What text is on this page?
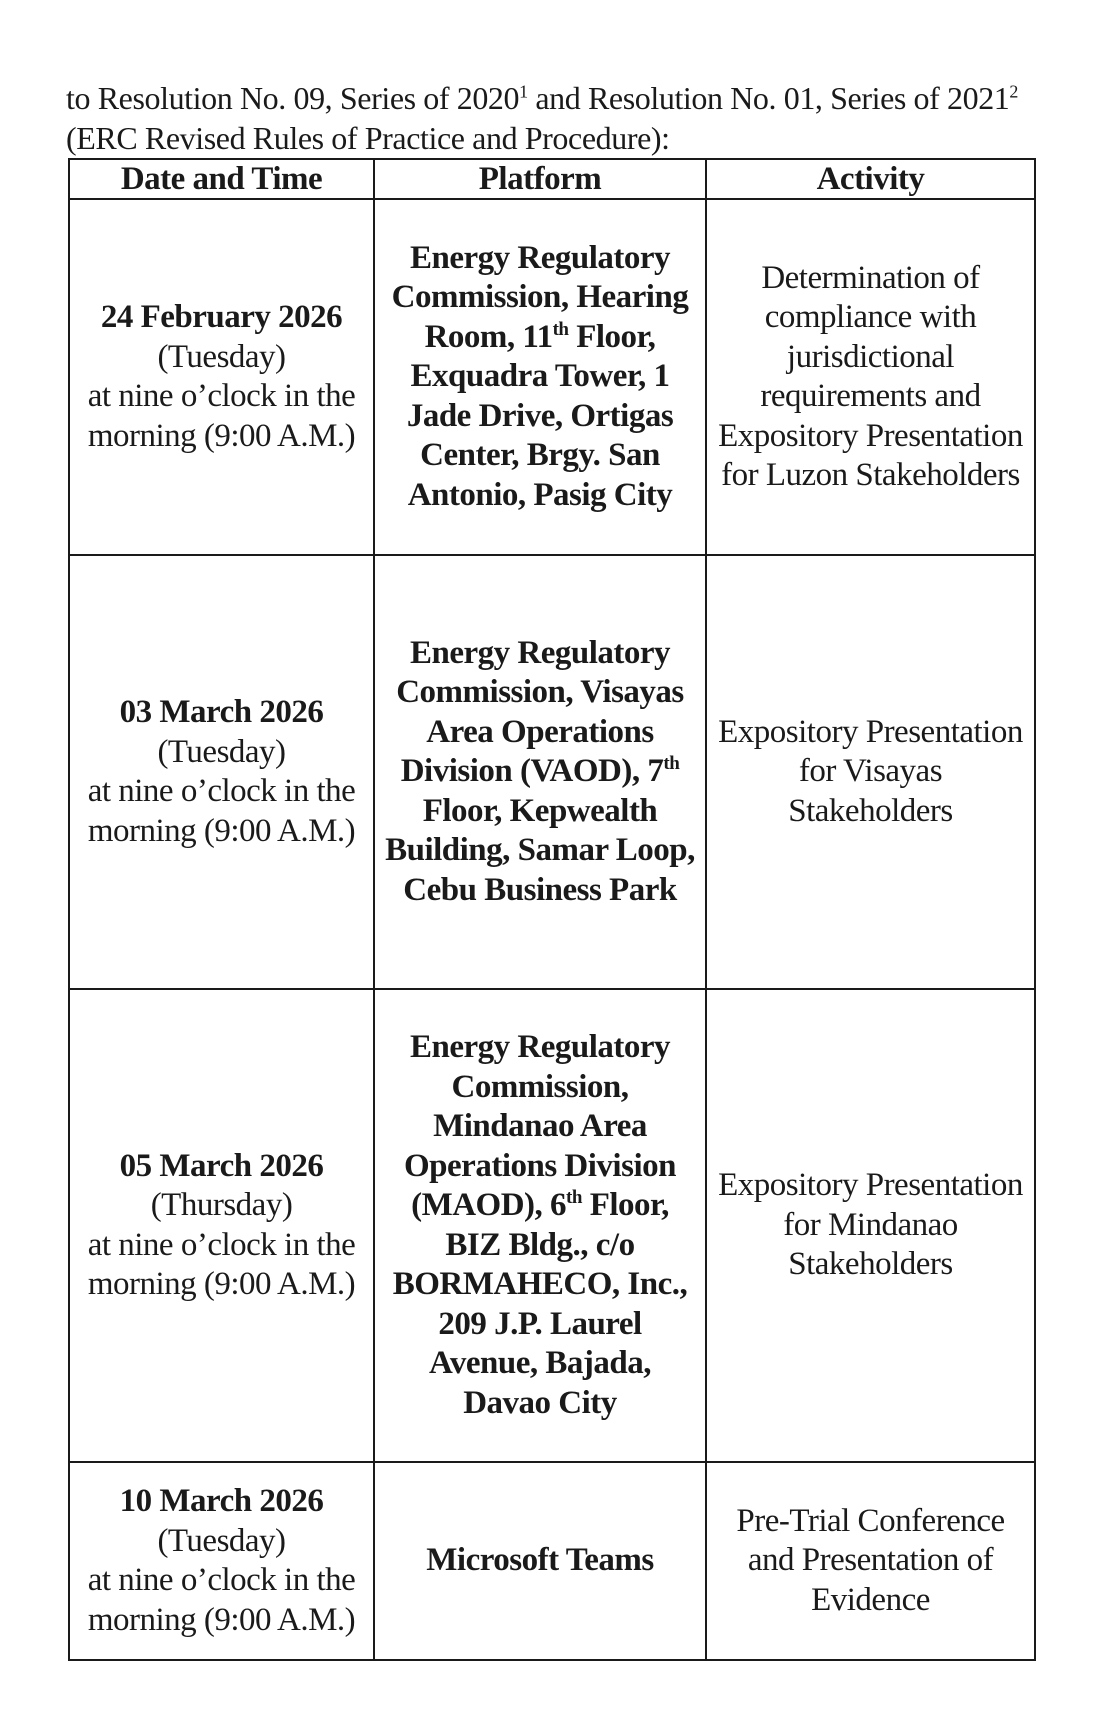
to Resolution No. 09, Series of 2020$^1$ and Resolution No. 01, Series of 2021$^2$ (ERC Revised Rules of Practice and Procedure):

Date and Time	Platform	Activity

24 February 2026
(Tuesday)
at nine o’clock in the morning (9:00 A.M.)	Energy Regulatory Commission, Hearing Room, 11th Floor, Exquadra Tower, 1 Jade Drive, Ortigas Center, Brgy. San Antonio, Pasig City	Determination of compliance with jurisdictional requirements and Expository Presentation for Luzon Stakeholders

03 March 2026
(Tuesday)
at nine o’clock in the morning (9:00 A.M.)	Energy Regulatory Commission, Visayas Area Operations Division (VAOD), 7th Floor, Kepwealth Building, Samar Loop, Cebu Business Park	Expository Presentation for Visayas Stakeholders

05 March 2026
(Thursday)
at nine o’clock in the morning (9:00 A.M.)	Energy Regulatory Commission, Mindanao Area Operations Division (MAOD), 6th Floor, BIZ Bldg., c/o BORMAHECO, Inc., 209 J.P. Laurel Avenue, Bajada, Davao City	Expository Presentation for Mindanao Stakeholders

10 March 2026
(Tuesday)
at nine o’clock in the morning (9:00 A.M.)	Microsoft Teams	Pre-Trial Conference and Presentation of Evidence
